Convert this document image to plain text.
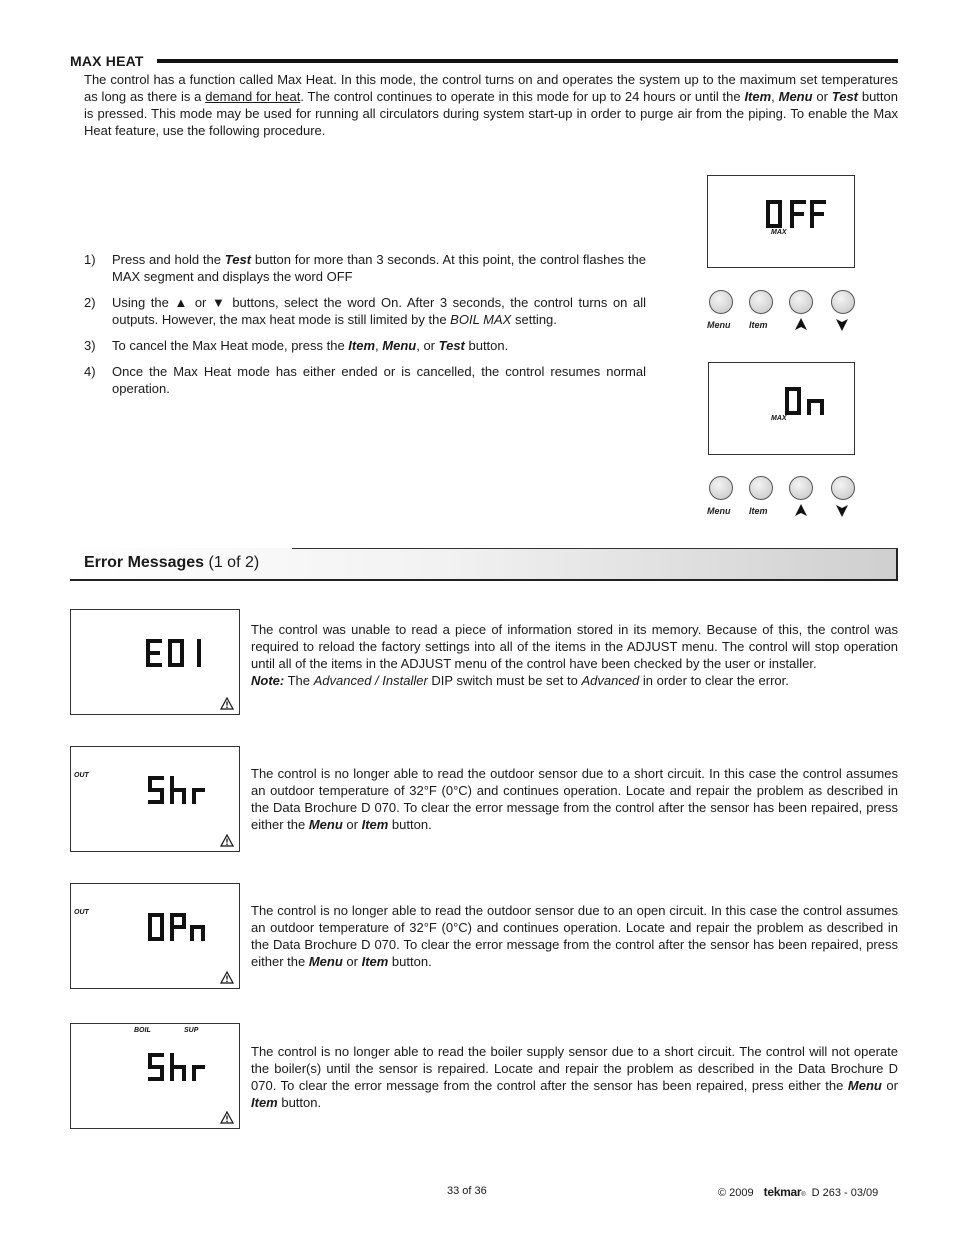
MAX HEAT
The control has a function called Max Heat. In this mode, the control turns on and operates the system up to the maximum set temperatures as long as there is a demand for heat. The control continues to operate in this mode for up to 24 hours or until the Item, Menu or Test button is pressed. This mode may be used for running all circulators during system start-up in order to purge air from the piping. To enable the Max Heat feature, use the following procedure.
1)	Press and hold the Test button for more than 3 seconds. At this point, the control flashes the MAX segment and displays the word OFF
2)	Using the ▲ or ▼ buttons, select the word On. After 3 seconds, the control turns on all outputs. However, the max heat mode is still limited by the BOIL MAX setting.
3)	To cancel the Max Heat mode, press the Item, Menu, or Test button.
4)	Once the Max Heat mode has either ended or is cancelled, the control resumes normal operation.
MAX
Menu Item
MAX
Menu Item
Error Messages (1 of 2)
The control was unable to read a piece of information stored in its memory. Because of this, the control was required to reload the factory settings into all of the items in the ADJUST menu. The control will stop operation until all of the items in the ADJUST menu of the control have been checked by the user or installer.
Note: The Advanced / Installer DIP switch must be set to Advanced in order to clear the error.
OUT	The control is no longer able to read the outdoor sensor due to a short circuit. In this case the control assumes an outdoor temperature of 32°F (0°C) and continues operation. Locate and repair the problem as described in the Data Brochure D 070. To clear the error message from the control after the sensor has been repaired, press either the Menu or Item button.
OUT	The control is no longer able to read the outdoor sensor due to an open circuit. In this case the control assumes an outdoor temperature of 32°F (0°C) and continues operation. Locate and repair the problem as described in the Data Brochure D 070. To clear the error message from the control after the sensor has been repaired, press either the Menu or Item button.
BOIL	SUP
The control is no longer able to read the boiler supply sensor due to a short circuit. The control will not operate the boiler(s) until the sensor is repaired. Locate and repair the problem as described in the Data Brochure D 070. To clear the error message from the control after the sensor has been repaired, press either the Menu or Item button.
33 of 36	© 2009 tekmar$_®$ D 263 - 03/09
